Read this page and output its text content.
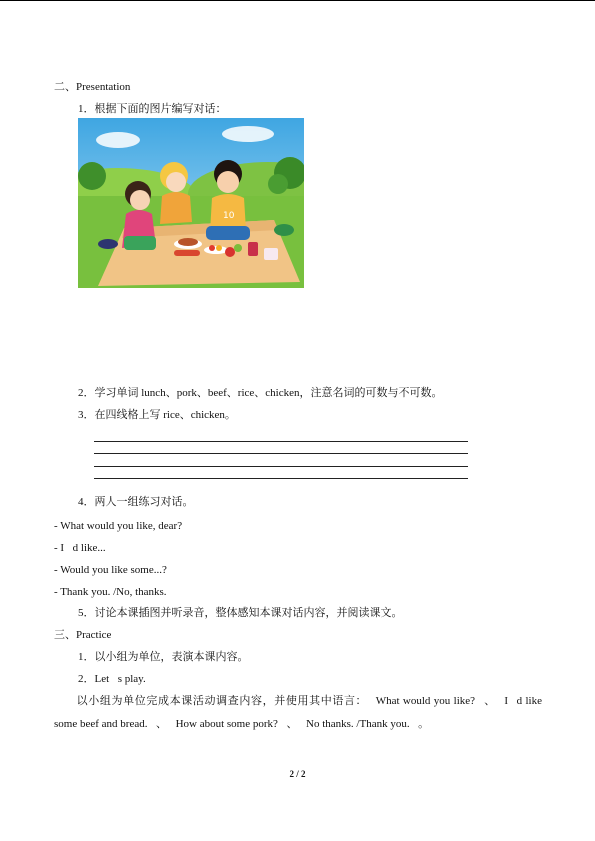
二、Presentation
1．根据下面的图片编写对话：
10
2．学习单词 lunch、pork、beef、rice、chicken，注意名词的可数与不可数。
3．在四线格上写 rice、chicken。
4．两人一组练习对话。
- What would you like, dear?
- I d like...
- Would you like some...?
- Thank you. /No, thanks.
5．讨论本课插图并听录音，整体感知本课对话内容，并阅读课文。
三、Practice
1．以小组为单位，表演本课内容。
2．Let s play.
以小组为单位完成本课活动调查内容，并使用其中语言： What would you like? 、 I d like some beef and bread. 、 How about some pork? 、 No thanks. /Thank you. 。
2 / 2
